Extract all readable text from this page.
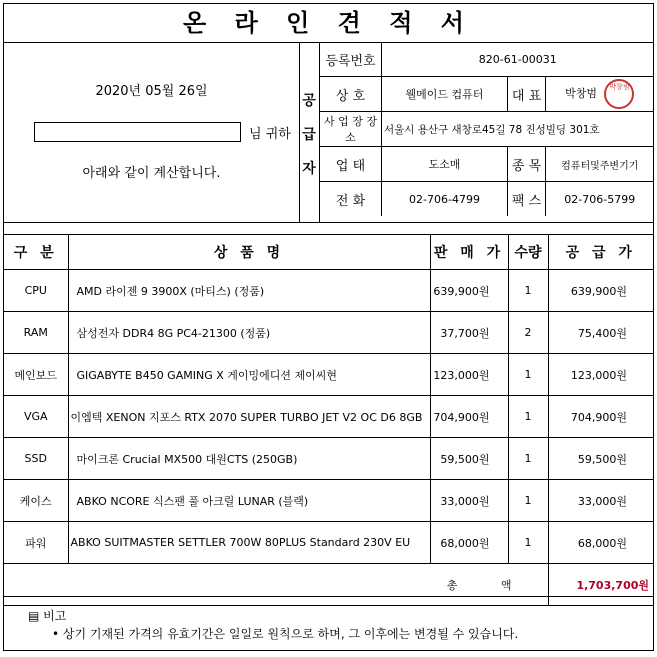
온 라 인 견 적 서
2020년 05월 26일
님 귀하
아래와 같이 계산합니다.
공
급
자
등록번호	820-61-00031		
상 호	웰메이드 컴퓨터	대 표	박창범 박창범
사 업 장 장 소	서울시 용산구 새창로45길 78 진성빌딩 301호		
업 태	도소매	종 목	컴퓨터및주변기기
전 화	02-706-4799	팩 스	02-706-5799
구 분	상 품 명	판 매 가	수량	공 급 가
CPU	AMD 라이젠 9 3900X (마티스) (정품)	639,900원	1	639,900원
RAM	삼성전자 DDR4 8G PC4-21300 (정품)	37,700원	2	75,400원
메인보드	GIGABYTE B450 GAMING X 게이밍에디션 제이씨현	123,000원	1	123,000원
VGA	이엠텍 XENON 지포스 RTX 2070 SUPER TURBO JET V2 OC D6 8GB	704,900원	1	704,900원
SSD	마이크론 Crucial MX500 대원CTS (250GB)	59,500원	1	59,500원
케이스	ABKO NCORE 식스팬 풀 아크릴 LUNAR (블랙)	33,000원	1	33,000원
파워	ABKO SUITMASTER SETTLER 700W 80PLUS Standard 230V EU	68,000원	1	68,000원
총 액				1,703,700원
▤ 비고
• 상기 기재된 가격의 유효기간은 일일로 원칙으로 하며, 그 이후에는 변경될 수 있습니다.
